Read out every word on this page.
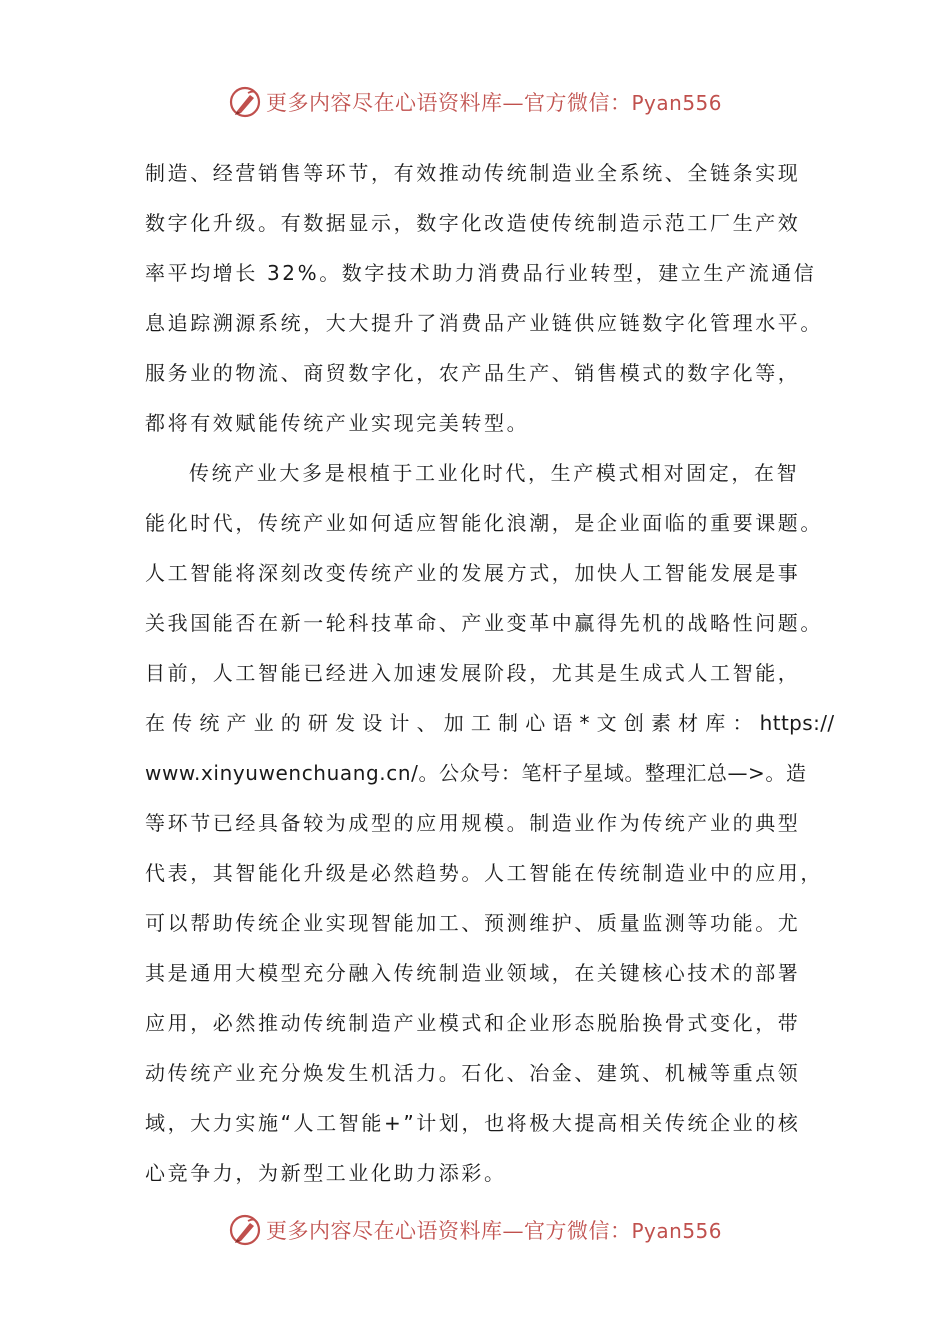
更多内容尽在心语资料库—官方微信：Pyan556
制造、经营销售等环节，有效推动传统制造业全系统、全链条实现
数字化升级。有数据显示，数字化改造使传统制造示范工厂生产效
率平均增长 32%。数字技术助力消费品行业转型，建立生产流通信
息追踪溯源系统，大大提升了消费品产业链供应链数字化管理水平。
服务业的物流、商贸数字化，农产品生产、销售模式的数字化等，
都将有效赋能传统产业实现完美转型。
传统产业大多是根植于工业化时代，生产模式相对固定，在智
能化时代，传统产业如何适应智能化浪潮，是企业面临的重要课题。
人工智能将深刻改变传统产业的发展方式，加快人工智能发展是事
关我国能否在新一轮科技革命、产业变革中赢得先机的战略性问题。
目前，人工智能已经进入加速发展阶段，尤其是生成式人工智能，
在 传 统 产 业 的 研 发 设 计 、 加 工 制 心 语 * 文 创 素 材 库 ： https://
www.xinyuwenchuang.cn/。公众号：笔杆子星域。整理汇总—>。造
等环节已经具备较为成型的应用规模。制造业作为传统产业的典型
代表，其智能化升级是必然趋势。人工智能在传统制造业中的应用，
可以帮助传统企业实现智能加工、预测维护、质量监测等功能。尤
其是通用大模型充分融入传统制造业领域，在关键核心技术的部署
应用，必然推动传统制造产业模式和企业形态脱胎换骨式变化，带
动传统产业充分焕发生机活力。石化、冶金、建筑、机械等重点领
域，大力实施“人工智能+”计划，也将极大提高相关传统企业的核
心竞争力，为新型工业化助力添彩。
更多内容尽在心语资料库—官方微信：Pyan556
